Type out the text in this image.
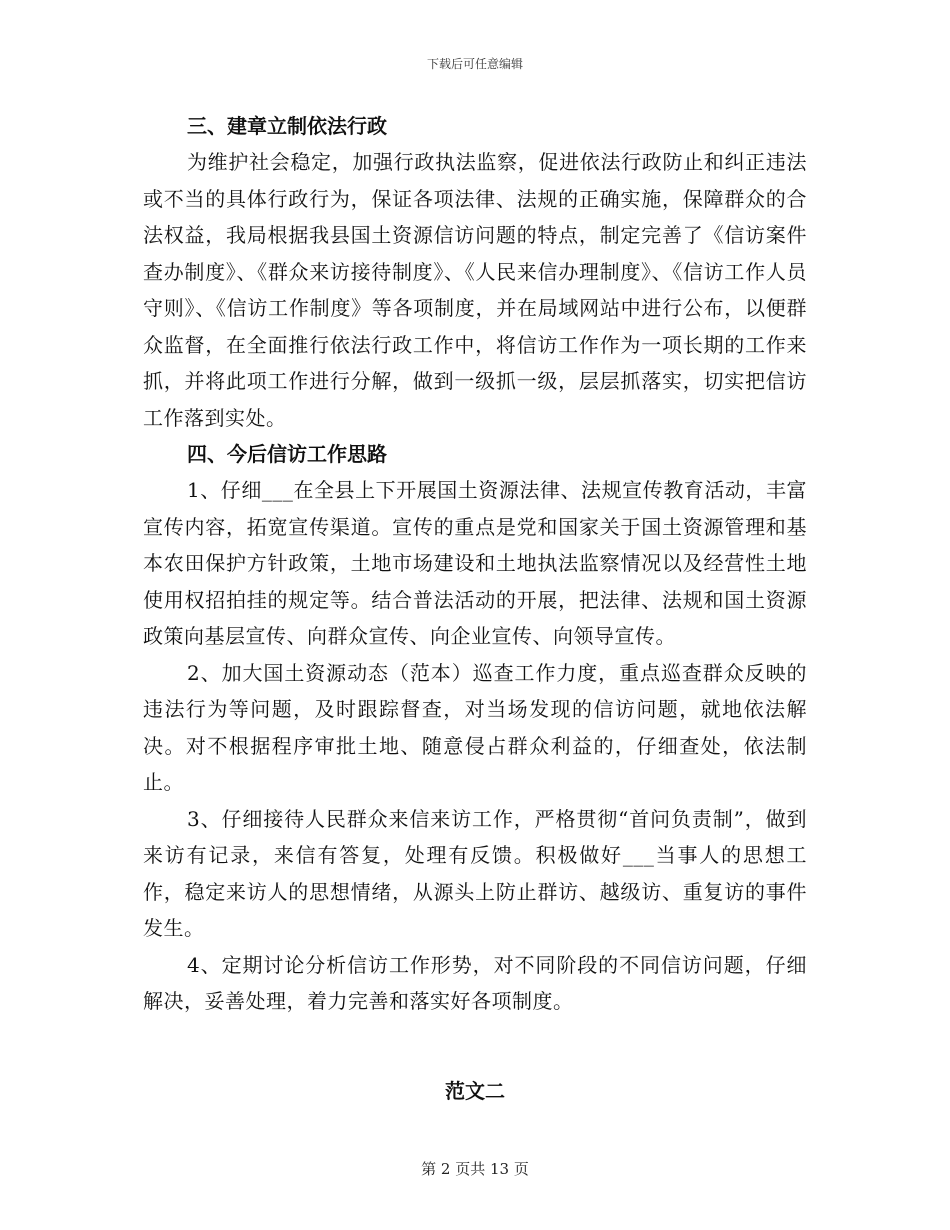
下载后可任意编辑
三、建章立制依法行政

为维护社会稳定，加强行政执法监察，促进依法行政防止和纠正违法或不当的具体行政行为，保证各项法律、法规的正确实施，保障群众的合法权益，我局根据我县国土资源信访问题的特点，制定完善了《信访案件查办制度》、《群众来访接待制度》、《人民来信办理制度》、《信访工作人员守则》、《信访工作制度》等各项制度，并在局域网站中进行公布，以便群众监督，在全面推行依法行政工作中，将信访工作作为一项长期的工作来抓，并将此项工作进行分解，做到一级抓一级，层层抓落实，切实把信访工作落到实处。

四、今后信访工作思路

1、仔细___在全县上下开展国土资源法律、法规宣传教育活动，丰富宣传内容，拓宽宣传渠道。宣传的重点是党和国家关于国土资源管理和基本农田保护方针政策，土地市场建设和土地执法监察情况以及经营性土地使用权招拍挂的规定等。结合普法活动的开展，把法律、法规和国土资源政策向基层宣传、向群众宣传、向企业宣传、向领导宣传。

2、加大国土资源动态（范本）巡查工作力度，重点巡查群众反映的违法行为等问题，及时跟踪督查，对当场发现的信访问题，就地依法解决。对不根据程序审批土地、随意侵占群众利益的，仔细查处，依法制止。

3、仔细接待人民群众来信来访工作，严格贯彻“首问负责制”，做到来访有记录，来信有答复，处理有反馈。积极做好___当事人的思想工作，稳定来访人的思想情绪，从源头上防止群访、越级访、重复访的事件发生。

4、定期讨论分析信访工作形势，对不同阶段的不同信访问题，仔细解决，妥善处理，着力完善和落实好各项制度。

范文二
第 2 页共 13 页
